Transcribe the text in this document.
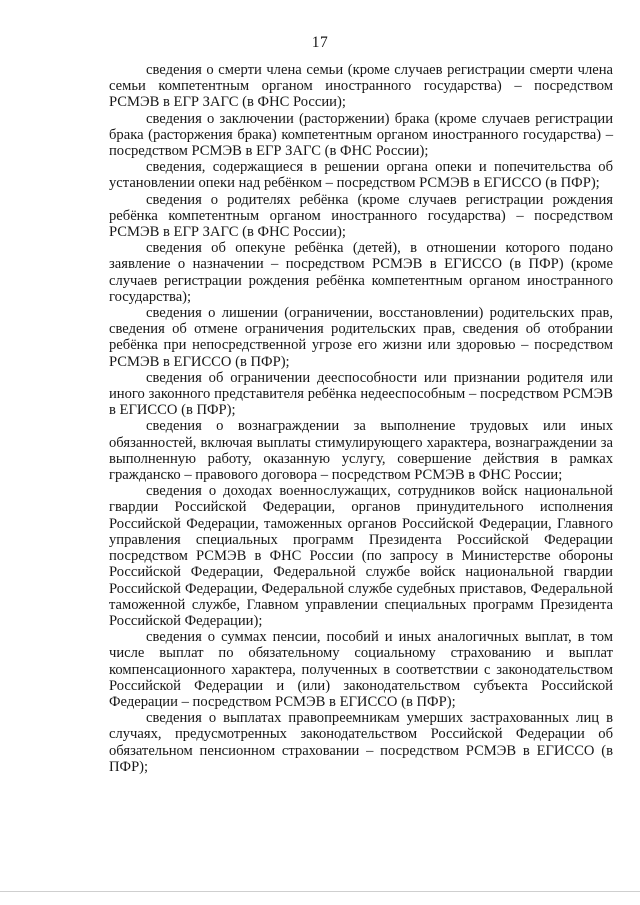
17

сведения о смерти члена семьи (кроме случаев регистрации смерти члена семьи компетентным органом иностранного государства) – посредством РСМЭВ в ЕГР ЗАГС (в ФНС России);

сведения о заключении (расторжении) брака (кроме случаев регистрации брака (расторжения брака) компетентным органом иностранного государства) – посредством РСМЭВ в ЕГР ЗАГС (в ФНС России);

сведения, содержащиеся в решении органа опеки и попечительства об установлении опеки над ребёнком – посредством РСМЭВ в ЕГИССО (в ПФР);

сведения о родителях ребёнка (кроме случаев регистрации рождения ребёнка компетентным органом иностранного государства) – посредством РСМЭВ в ЕГР ЗАГС (в ФНС России);

сведения об опекуне ребёнка (детей), в отношении которого подано заявление о назначении – посредством РСМЭВ в ЕГИССО (в ПФР) (кроме случаев регистрации рождения ребёнка компетентным органом иностранного государства);

сведения о лишении (ограничении, восстановлении) родительских прав, сведения об отмене ограничения родительских прав, сведения об отобрании ребёнка при непосредственной угрозе его жизни или здоровью – посредством РСМЭВ в ЕГИССО (в ПФР);

сведения об ограничении дееспособности или признании родителя или иного законного представителя ребёнка недееспособным – посредством РСМЭВ в ЕГИССО (в ПФР);

сведения о вознаграждении за выполнение трудовых или иных обязанностей, включая выплаты стимулирующего характера, вознаграждении за выполненную работу, оказанную услугу, совершение действия в рамках гражданско – правового договора – посредством РСМЭВ в ФНС России;

сведения о доходах военнослужащих, сотрудников войск национальной гвардии Российской Федерации, органов принудительного исполнения Российской Федерации, таможенных органов Российской Федерации, Главного управления специальных программ Президента Российской Федерации посредством РСМЭВ в ФНС России (по запросу в Министерстве обороны Российской Федерации, Федеральной службе войск национальной гвардии Российской Федерации, Федеральной службе судебных приставов, Федеральной таможенной службе, Главном управлении специальных программ Президента Российской Федерации);

сведения о суммах пенсии, пособий и иных аналогичных выплат, в том числе выплат по обязательному социальному страхованию и выплат компенсационного характера, полученных в соответствии с законодательством Российской Федерации и (или) законодательством субъекта Российской Федерации – посредством РСМЭВ в ЕГИССО (в ПФР);

сведения о выплатах правопреемникам умерших застрахованных лиц в случаях, предусмотренных законодательством Российской Федерации об обязательном пенсионном страховании – посредством РСМЭВ в ЕГИССО (в ПФР);
